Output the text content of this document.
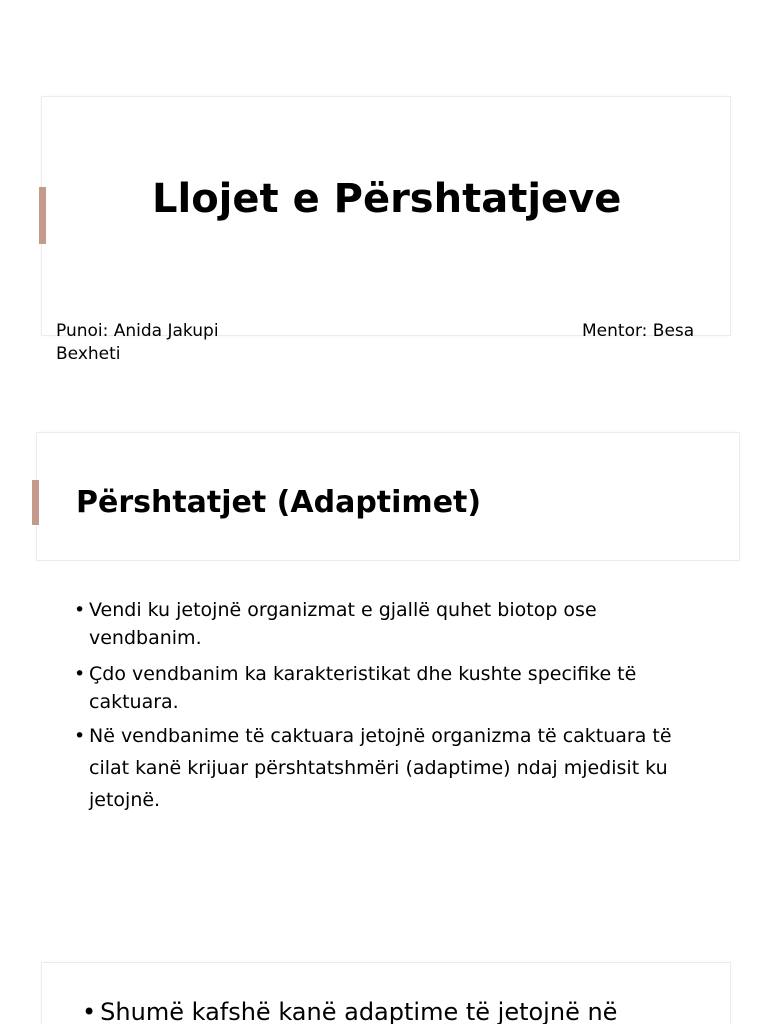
Llojet e Përshtatjeve
Punoi: Anida Jakupi	Mentor: Besa
Bexheti
Përshtatjet (Adaptimet)
• Vendi ku jetojnë organizmat e gjallë quhet biotop ose vendbanim.
• Çdo vendbanim ka karakteristikat dhe kushte specifike të caktuara.
• Në vendbanime të caktuara jetojnë organizma të caktuara të cilat kanë krijuar përshtatshmëri (adaptime) ndaj mjedisit ku jetojnë.
• Shumë kafshë kanë adaptime të jetojnë në
